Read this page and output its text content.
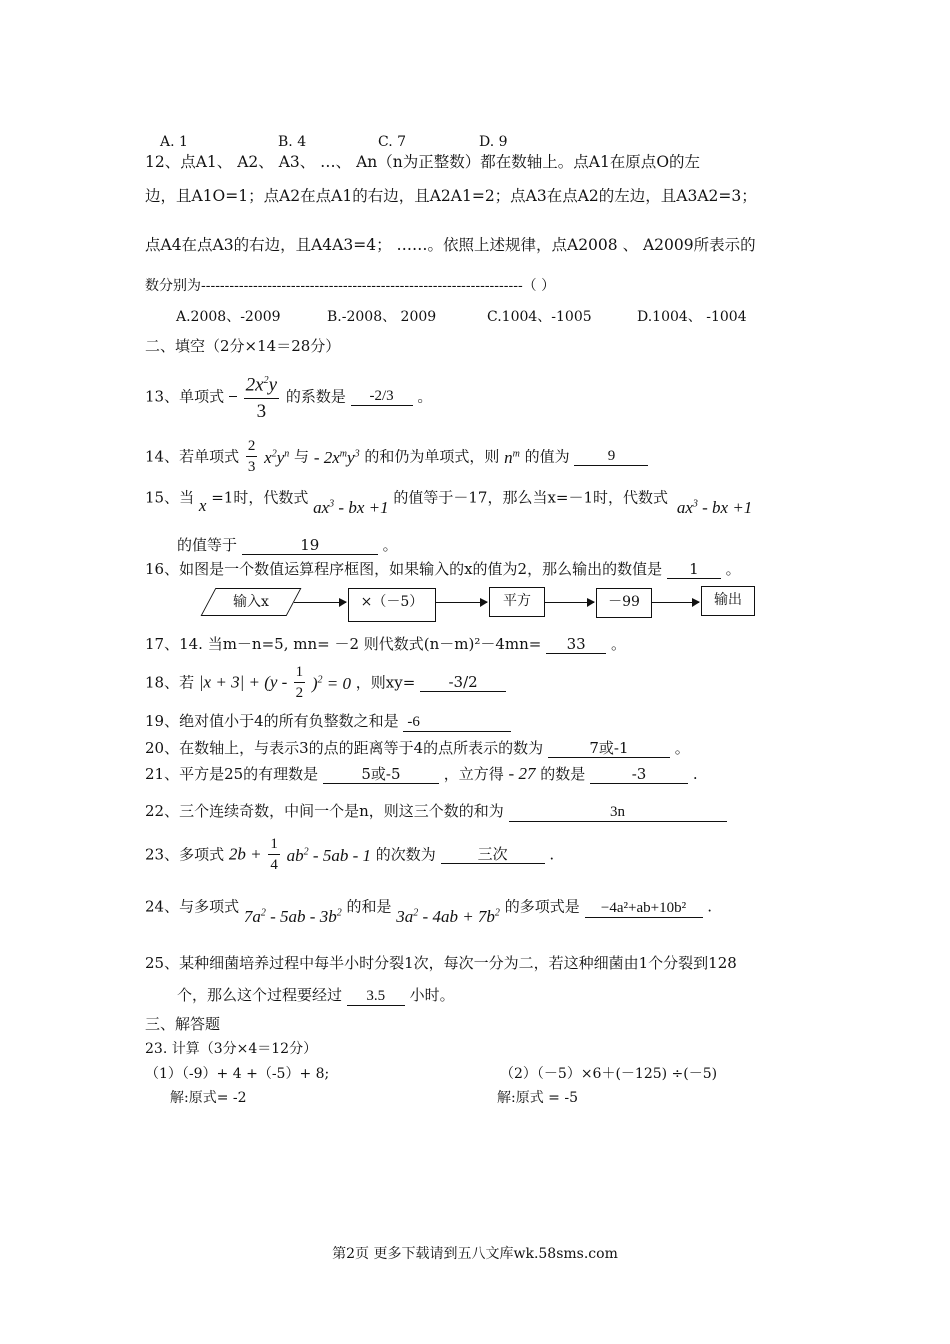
A. 1	B. 4	C. 7	D. 9
12、点A1、 A2、 A3、 …、 An（n为正整数）都在数轴上。点A1在原点O的左
边，且A1O=1；点A2在点A1的右边，且A2A1=2；点A3在点A2的左边，且A3A2=3；
点A4在点A3的右边，且A4A3=4； ……。依照上述规律，点A2008 、 A2009所表示的
数分别为--------------------------------------------------------------------（ ）
A.2008、-2009	B.-2008、 2009	C.1004、-1005	D.1004、 -1004
二、填空（2分×14＝28分）
13、单项式 $\frac{2x^2y}{3}$ 的系数是 -2/3 。
14、若单项式 $\frac{2}{3} x^2y^n$ 与 - $2x^my^3$ 的和仍为单项式，则 $n^m$ 的值为	9
15、当 x =1时，代数式 $ax^3$ - bx +1 的值等于－17，那么当x=－1时，代数式 $ax^3$ - bx +1
的值等于	19	。
16、如图是一个数值运算程序框图，如果输入的x的值为2，那么输出的数值是 1 。
输入x	×（－5）	平方	－99	输出
17、14. 当m－n=5, mn= －2 则代数式(n－m)²－4mn= 33 。
18、若 $|x + 3| + (y - \frac{1}{2} )^2 = 0$ ，则xy= -3/2
19、绝对值小于4的所有负整数之和是 -6
20、在数轴上，与表示3的点的距离等于4的点所表示的数为	7或-1	。
21、平方是25的有理数是	5或-5	，立方得 - 27 的数是	-3	.
22、三个连续奇数，中间一个是n，则这三个数的和为	3n
23、多项式 $2b + \frac{1}{4} ab^2 - 5ab - 1$ 的次数为	三次	.
24、与多项式 $7a^2 - 5ab - 3b^2$ 的和是 $3a^2 - 4ab + 7b^2$ 的多项式是 −4a²+ab+10b² .
25、某种细菌培养过程中每半小时分裂1次，每次一分为二，若这种细菌由1个分裂到128
个，那么这个过程要经过 3.5 小时。
三、解答题
23. 计算（3分×4＝12分）
（1）（-9）+ 4 +（-5）+ 8;
解:原式= -2
（2）（－5）×6＋(－125) ÷(－5)
解:原式 = -5
第2页 更多下载请到五八文库wk.58sms.com
